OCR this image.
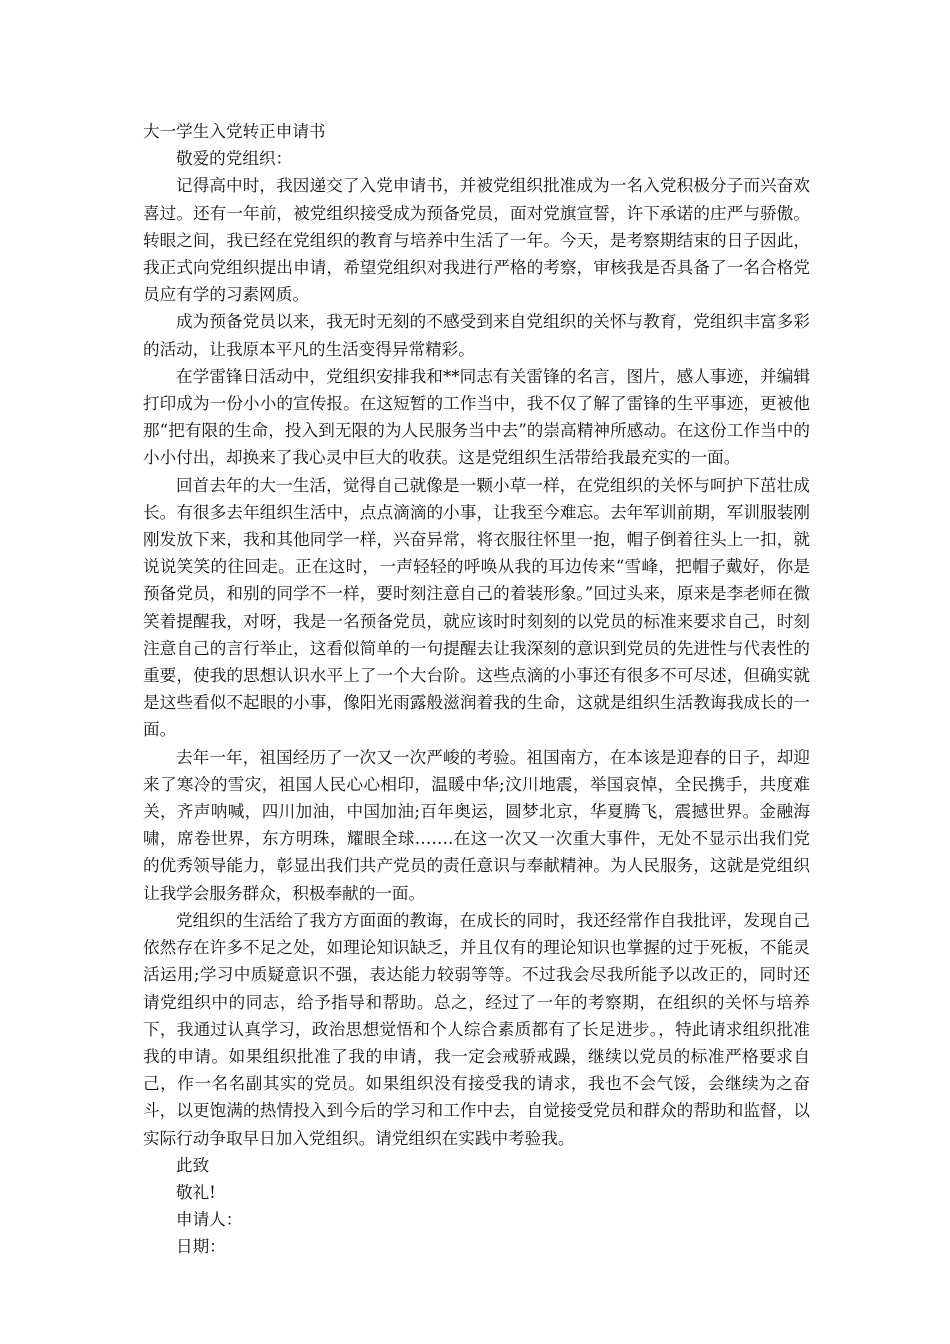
大一学生入党转正申请书

敬爱的党组织：

记得高中时，我因递交了入党申请书，并被党组织批准成为一名入党积极分子而兴奋欢喜过。还有一年前，被党组织接受成为预备党员，面对党旗宣誓，许下承诺的庄严与骄傲。转眼之间，我已经在党组织的教育与培养中生活了一年。今天，是考察期结束的日子因此，我正式向党组织提出申请，希望党组织对我进行严格的考察，审核我是否具备了一名合格党员应有学的习素网质。

成为预备党员以来，我无时无刻的不感受到来自党组织的关怀与教育，党组织丰富多彩的活动，让我原本平凡的生活变得异常精彩。

在学雷锋日活动中，党组织安排我和**同志有关雷锋的名言，图片，感人事迹，并编辑打印成为一份小小的宣传报。在这短暂的工作当中，我不仅了解了雷锋的生平事迹，更被他那“把有限的生命，投入到无限的为人民服务当中去”的崇高精神所感动。在这份工作当中的小小付出，却换来了我心灵中巨大的收获。这是党组织生活带给我最充实的一面。

回首去年的大一生活，觉得自己就像是一颗小草一样，在党组织的关怀与呵护下茁壮成长。有很多去年组织生活中，点点滴滴的小事，让我至今难忘。去年军训前期，军训服装刚刚发放下来，我和其他同学一样，兴奋异常，将衣服往怀里一抱，帽子倒着往头上一扣，就说说笑笑的往回走。正在这时，一声轻轻的呼唤从我的耳边传来“雪峰，把帽子戴好，你是预备党员，和别的同学不一样，要时刻注意自己的着装形象。”回过头来，原来是李老师在微笑着提醒我，对呀，我是一名预备党员，就应该时时刻刻的以党员的标准来要求自己，时刻注意自己的言行举止，这看似简单的一句提醒去让我深刻的意识到党员的先进性与代表性的重要，使我的思想认识水平上了一个大台阶。这些点滴的小事还有很多不可尽述，但确实就是这些看似不起眼的小事，像阳光雨露般滋润着我的生命，这就是组织生活教诲我成长的一面。

去年一年，祖国经历了一次又一次严峻的考验。祖国南方，在本该是迎春的日子，却迎来了寒冷的雪灾，祖国人民心心相印，温暖中华;汶川地震，举国哀悼，全民携手，共度难关，齐声呐喊，四川加油，中国加油;百年奥运，圆梦北京，华夏腾飞，震撼世界。金融海啸，席卷世界，东方明珠，耀眼全球…….在这一次又一次重大事件，无处不显示出我们党的优秀领导能力，彰显出我们共产党员的责任意识与奉献精神。为人民服务，这就是党组织让我学会服务群众，积极奉献的一面。

党组织的生活给了我方方面面的教诲，在成长的同时，我还经常作自我批评，发现自己依然存在许多不足之处，如理论知识缺乏，并且仅有的理论知识也掌握的过于死板，不能灵活运用;学习中质疑意识不强，表达能力较弱等等。不过我会尽我所能予以改正的，同时还请党组织中的同志，给予指导和帮助。总之，经过了一年的考察期，在组织的关怀与培养下，我通过认真学习，政治思想觉悟和个人综合素质都有了长足进步。，特此请求组织批准我的申请。如果组织批准了我的申请，我一定会戒骄戒躁，继续以党员的标准严格要求自己，作一名名副其实的党员。如果组织没有接受我的请求，我也不会气馁，会继续为之奋斗，以更饱满的热情投入到今后的学习和工作中去，自觉接受党员和群众的帮助和监督，以实际行动争取早日加入党组织。请党组织在实践中考验我。

此致

敬礼!

申请人：

日期：
